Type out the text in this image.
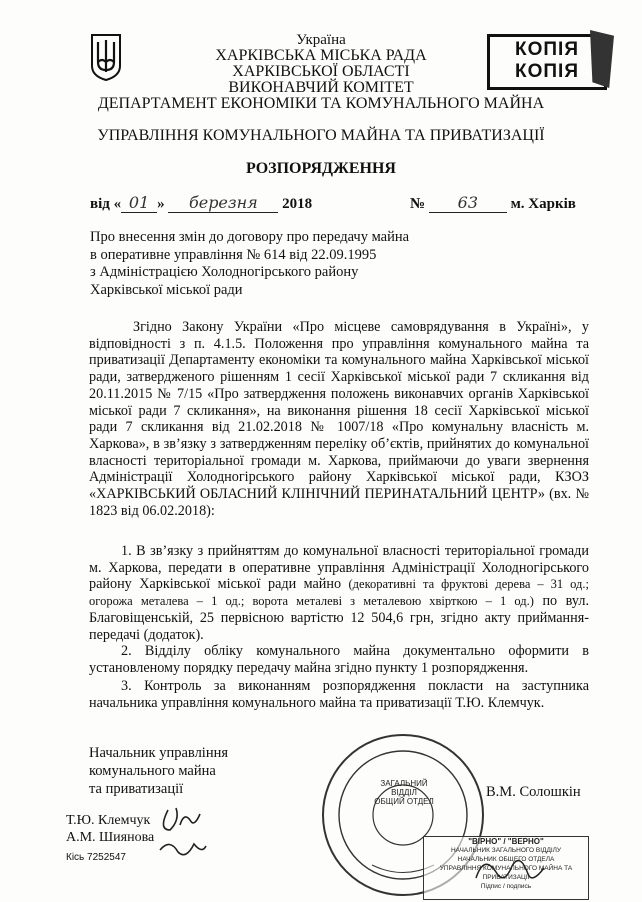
КОПІЯ
КОПІЯ
Україна
ХАРКІВСЬКА МІСЬКА РАДА
ХАРКІВСЬКОЇ ОБЛАСТІ
ВИКОНАВЧИЙ КОМІТЕТ
ДЕПАРТАМЕНТ ЕКОНОМІКИ ТА КОМУНАЛЬНОГО МАЙНА
УПРАВЛІННЯ КОМУНАЛЬНОГО МАЙНА ТА ПРИВАТИЗАЦІЇ
РОЗПОРЯДЖЕННЯ
від « 01 » березня 2018	№ 63 м. Харків
Про внесення змін до договору про передачу майна
в оперативне управління № 614 від 22.09.1995
з Адміністрацією Холодногірського району
Харківської міської ради

Згідно Закону України «Про місцеве самоврядування в Україні», у відповідності з п. 4.1.5. Положення про управління комунального майна та приватизації Департаменту економіки та комунального майна Харківської міської ради, затвердженого рішенням 1 сесії Харківської міської ради 7 скликання від 20.11.2015 № 7/15 «Про затвердження положень виконавчих органів Харківської міської ради 7 скликання», на виконання рішення 18 сесії Харківської міської ради 7 скликання від 21.02.2018 № 1007/18 «Про комунальну власність м. Харкова», в зв’язку з затвердженням переліку об’єктів, прийнятих до комунальної власності територіальної громади м. Харкова, приймаючи до уваги звернення Адміністрації Холодногірського району Харківської міської ради, КЗОЗ «ХАРКІВСЬКИЙ ОБЛАСНИЙ КЛІНІЧНИЙ ПЕРИНАТАЛЬНИЙ ЦЕНТР» (вх. № 1823 від 06.02.2018):

1. В зв’язку з прийняттям до комунальної власності територіальної громади м. Харкова, передати в оперативне управління Адміністрації Холодногірського району Харківської міської ради майно (декоративні та фруктові дерева – 31 од.; огорожа металева – 1 од.; ворота металеві з металевою хвірткою – 1 од.) по вул. Благовіщенській, 25 первісною вартістю 12 504,6 грн, згідно акту приймання-передачі (додаток).

2. Відділу обліку комунального майна документально оформити в установленому порядку передачу майна згідно пункту 1 розпорядження.

3. Контроль за виконанням розпорядження покласти на заступника начальника управління комунального майна та приватизації Т.Ю. Клемчук.

Начальник управління
комунального майна
та приватизації	В.М. Солошкін
Т.Ю. Клемчук
А.М. Шиянова
Кісь 7252547
ЗАГАЛЬНИЙ ВІДДІЛ
ОБЩИЙ ОТДЕЛ
"ВІРНО" / "ВЕРНО"
НАЧАЛЬНИК ЗАГАЛЬНОГО ВІДДІЛУ
НАЧАЛЬНИК ОБЩЕГО ОТДЕЛА
УПРАВЛІННЯ КОМУНАЛЬНОГО МАЙНА ТА ПРИВАТИЗАЦІЇ
Підпис / подпись
